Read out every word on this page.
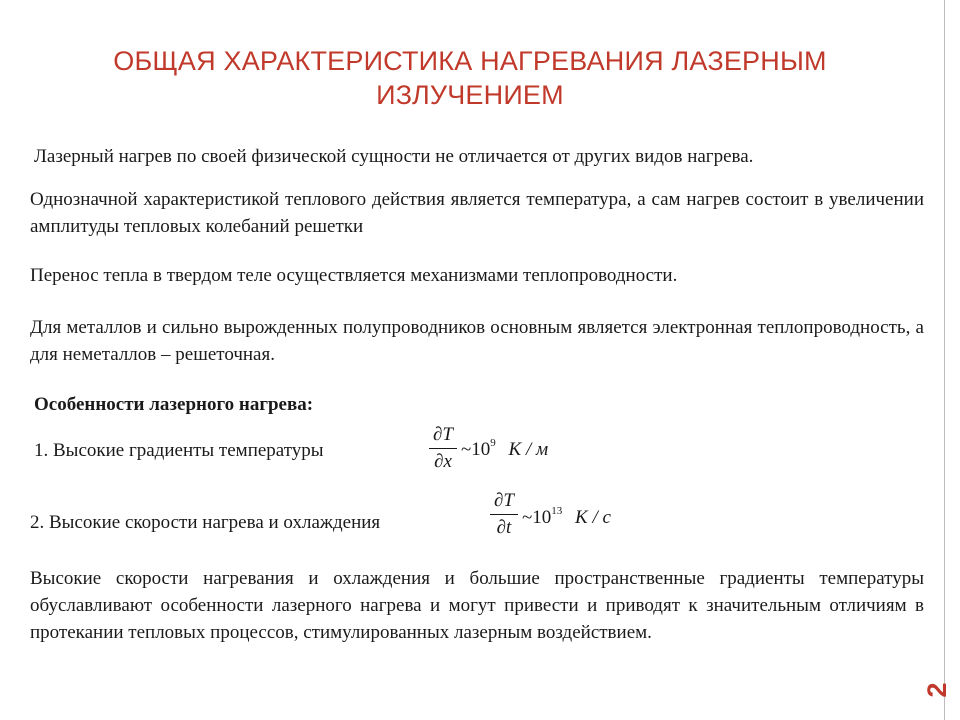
2
ОБЩАЯ ХАРАКТЕРИСТИКА НАГРЕВАНИЯ ЛАЗЕРНЫМ
ИЗЛУЧЕНИЕМ
Лазерный нагрев по своей физической сущности не отличается от других видов нагрева.
Однозначной характеристикой теплового действия является температура, а сам нагрев состоит в увеличении амплитуды тепловых колебаний решетки
Перенос тепла в твердом теле осуществляется механизмами теплопроводности.
Для металлов и сильно вырожденных полупроводников основным является электронная теплопроводность, а для неметаллов – решеточная.
Особенности лазерного нагрева:
1. Высокие градиенты температуры
∂T
∂x
$\sim 10^9$ K / м
2. Высокие скорости нагрева и охлаждения
∂T
∂t $\sim 10^{13}$ K / c
Высокие скорости нагревания и охлаждения и большие пространственные градиенты температуры обуславливают особенности лазерного нагрева и могут привести и приводят к значительным отличиям в протекании тепловых процессов, стимулированных лазерным воздействием.
